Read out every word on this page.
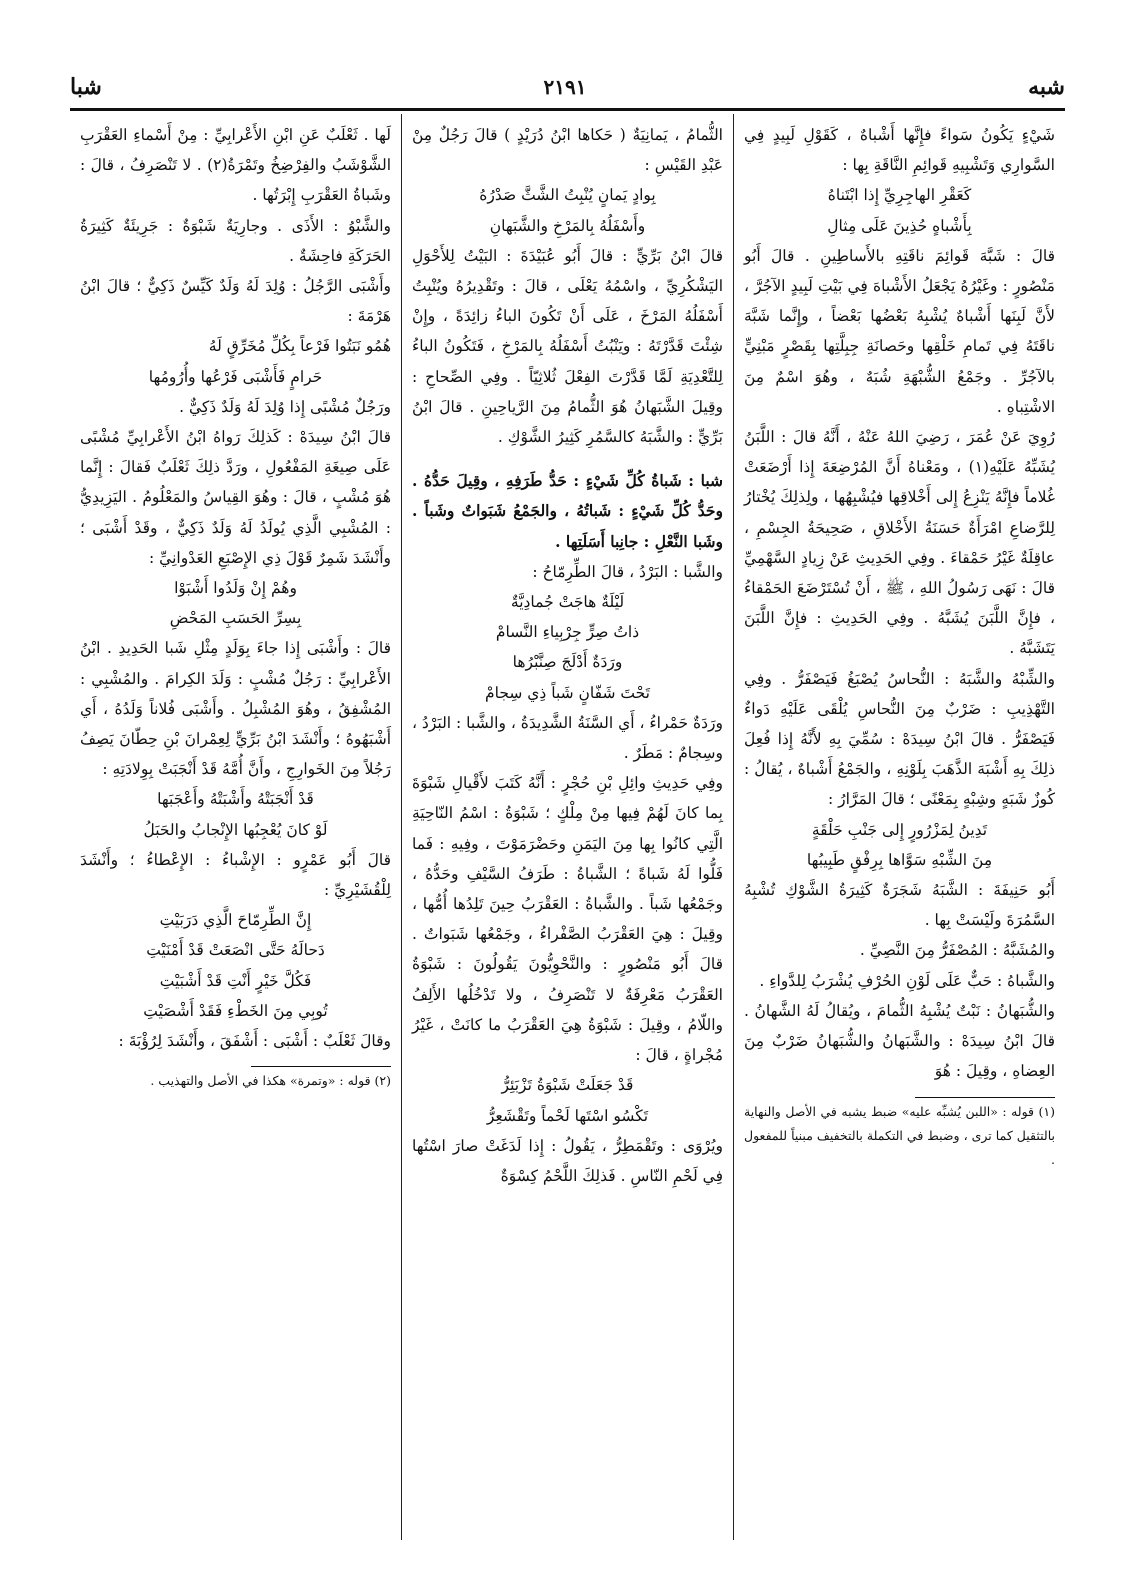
شبه
٢١٩١
شبا

شَيْءٍ يَكُونُ سَواءً فإِنَّها أَشْباهٌ ، كَقَوْلِ لَبِيدٍ فِي السَّوارِي وَتَشْبِيهِ قَوائِمِ النَّاقَةِ بِها :

كَعَقْرِ الهاجِرِيِّ إِذا ابْتَناهُ

بِأَشْباهٍ حُذِينَ عَلَى مِثالِ

قالَ : شَبَّهَ قَوائِمَ ناقَتِهِ بالأَساطِينِ . قالَ أَبُو مَنْصُورٍ : وغَيْرُهُ يَجْعَلُ الأَشْباهَ فِي بَيْتِ لَبِيدٍ الآجُرَّ ، لأَنَّ لَبِنَها أَشْباهٌ يُشْبِهُ بَعْضُها بَعْضاً ، وإِنَّما شَبَّهَ ناقَتَهُ فِي تَمامِ خَلْقِها وحَصانَةِ جِبِلَّتِها بِقَصْرٍ مَبْنِيٍّ بالآجُرِّ . وجَمْعُ الشُّبْهَةِ شُبَهٌ ، وهُوَ اسْمٌ مِنَ الاشْتِباهِ .

رُوِيَ عَنْ عُمَرَ ، رَضِيَ اللهُ عَنْهُ ، أَنَّهُ قالَ : اللَّبَنُ يُشَبِّهُ عَلَيْهِ(١) ، ومَعْناهُ أَنَّ المُرْضِعَةَ إِذا أَرْضَعَتْ غُلاماً فإِنَّهُ يَنْزِعُ إِلى أَخْلاقِها فيُشْبِهُها ، ولِذلِكَ يُخْتارُ لِلرَّضاعِ امْرَأَةٌ حَسَنَةُ الأَخْلاقِ ، صَحِيحَةُ الجِسْمِ ، عاقِلَةٌ غَيْرُ حَمْقاءَ . وفِي الحَدِيثِ عَنْ زِيادٍ السَّهْمِيِّ قالَ : نَهَى رَسُولُ اللهِ ، ﷺ ، أَنْ تُسْتَرْضَعَ الحَمْقاءُ ، فإِنَّ اللَّبَنَ يُشَبَّهُ . وفِي الحَدِيثِ : فإِنَّ اللَّبَنَ يَتَشَبَّهُ .

والشِّبْهُ والشَّبَهُ : النُّحاسُ يُصْبَغُ فَيَصْفَرُّ . وفِي التَّهْذِيبِ : ضَرْبٌ مِنَ النُّحاسِ يُلْقَى عَلَيْهِ دَواءٌ فَيَصْفَرُّ . قالَ ابْنُ سِيدَهْ : سُمِّيَ بِهِ لأَنَّهُ إِذا فُعِلَ ذلِكَ بِهِ أَشْبَهَ الذَّهَبَ بِلَوْنِهِ ، والجَمْعُ أَشْباهٌ ، يُقالُ : كُوزٌ شَبَهٍ وشِبْهٍ بِمَعْنًى ؛ قالَ المَرَّارُ :

تَدِينُ لِمَزْرُورٍ إِلى جَنْبِ حَلْقَةٍ

مِنَ الشِّبْهِ سَوَّاها بِرِفْقٍ طَبِيبُها

أَبُو حَنِيفَةَ : الشَّبَهُ شَجَرَةٌ كَثِيرَةُ الشَّوْكِ تُشْبِهُ السَّمُرَةَ ولَيْسَتْ بِها .

والمُشَبَّهُ : المُصْفَرُّ مِنَ النَّصِيِّ .

والشَّباهُ : حَبٌّ عَلَى لَوْنِ الحُرْفِ يُشْرَبُ لِلدَّواءِ .

والشُّبَهانُ : نَبْتٌ يُشْبِهُ الثُّمامَ ، ويُقالُ لَهُ الشَّهانُ . قالَ ابْنُ سِيدَهْ : والشَّبَهانُ والشُّبَهانُ ضَرْبٌ مِنَ العِضاهِ ، وقِيلَ : هُوَ

(١) قوله : «اللبن يُشبِّه عليه» ضبط يشبه في الأصل والنهاية بالتثقيل كما ترى ، وضبط في التكملة بالتخفيف مبنياً للمفعول .

الثُّمامُ ، يَمانِيَةٌ ( حَكاها ابْنُ دُرَيْدٍ ) قالَ رَجُلٌ مِنْ عَبْدِ القَيْسِ :

بِوادٍ يَمانٍ يُنْبِتُ الشَّثَّ صَدْرُهُ

وأَسْفَلُهُ بِالمَرْخِ والشَّبَهانِ

قالَ ابْنُ بَرِّيٍّ : قالَ أَبُو عُبَيْدَةَ : البَيْتُ لِلأَحْوَلِ اليَشْكُرِيِّ ، واسْمُهُ يَعْلَى ، قالَ : وتَقْدِيرُهُ ويُنْبِتُ أَسْفَلُهُ المَرْخَ ، عَلَى أَنْ تَكُونَ الباءُ زائِدَةً ، وإِنْ شِئْتَ قَدَّرْتَهُ : ويَنْبُتُ أَسْفَلُهُ بِالمَرْخِ ، فَتَكُونُ الباءُ لِلتَّعْدِيَةِ لَمَّا قَدَّرْتَ الفِعْلَ ثُلاثِيّاً . وفِي الصِّحاحِ : وقِيلَ الشَّبَهانُ هُوَ الثُّمامُ مِنَ الرَّياحِينِ . قالَ ابْنُ بَرِّيٍّ : والشَّبَهُ كالسَّمُرِ كَثِيرُ الشَّوْكِ .

شبا : شَباةُ كُلِّ شَيْءٍ : حَدُّ طَرَفِهِ ، وقِيلَ حَدُّهُ . وحَدُّ كُلِّ شَيْءٍ : شَباتُهُ ، والجَمْعُ شَبَواتٌ وشَباً . وشَبا النَّعْلِ : جانِبا أَسَلَتِها .

والشَّبا : البَرْدُ ، قالَ الطِّرِمّاحُ :

لَيْلَةٌ هاجَتْ جُمادِيَّةٌ

ذاتُ صِرٍّ جِرْبِياءِ النَّسامْ

ورَدَةٌ أَدْلَجَ صِنَّبْرُها

تَحْتَ شَفّانٍ شَباً ذِي سِجامْ

ورَدَةٌ حَمْراءُ ، أَي السَّنَةُ الشَّدِيدَةُ ، والشَّبا : البَرْدُ ، وسِجامٌ : مَطَرٌ .

وفِي حَدِيثِ وائِلِ بْنِ حُجْرٍ : أَنَّهُ كَتَبَ لأَقْيالِ شَبْوَةَ بِما كانَ لَهُمْ فِيها مِنْ مِلْكٍ ؛ شَبْوَةُ : اسْمُ النّاحِيَةِ الَّتِي كانُوا بِها مِنَ اليَمَنِ وحَضْرَمَوْتَ ، وفِيهِ : فَما فَلُّوا لَهُ شَباةً ؛ الشَّباةُ : طَرَفُ السَّيْفِ وحَدُّهُ ، وجَمْعُها شَباً . والشَّباةُ : العَقْرَبُ حِينَ تَلِدُها أُمُّها ، وقِيلَ : هِيَ العَقْرَبُ الصَّفْراءُ ، وجَمْعُها شَبَواتٌ . قالَ أَبُو مَنْصُورٍ : والنَّحْوِيُّونَ يَقُولُونَ : شَبْوَةُ العَقْرَبُ مَعْرِفَةٌ لا تَنْصَرِفُ ، ولا تَدْخُلُها الأَلِفُ واللّامُ ، وقِيلَ : شَبْوَةُ هِيَ العَقْرَبُ ما كانَتْ ، غَيْرُ مُجْراةٍ ، قالَ :

قَدْ جَعَلَتْ شَبْوَةُ تَزْبَئِرُّ

تَكْسُو اسْتَها لَحْماً وتَقْشَعِرُّ

ويُرْوَى : وتَقْمَطِرُّ ، يَقُولُ : إِذا لَدَغَتْ صارَ اسْتُها فِي لَحْمِ النّاسِ . فَذلِكَ اللَّحْمُ كِسْوَةٌ

لَها . ثَعْلَبٌ عَنِ ابْنِ الأَعْرابِيِّ : مِنْ أَسْماءِ العَقْرَبِ الشَّوْشَبُ والفِرْضِخُ وتَمْرَةُ(٢) . لا تَنْصَرِفُ ، قالَ : وشَباةُ العَقْرَبِ إِبْرَتُها .

والشَّبْوُ : الأَذَى . وجارِيَةٌ شَبْوَةٌ : جَرِيئَةٌ كَثِيرَةُ الحَرَكَةِ فاحِشَةٌ .

وأَشْبَى الرَّجُلُ : وُلِدَ لَهُ وَلَدٌ كَيِّسٌ ذَكِيٌّ ؛ قالَ ابْنُ هَرْمَةَ :

هُمُو نَبَتُوا فَرْعاً بِكُلِّ مُخَرِّقٍ لَهُ

حَرامٍ فَأَشْبَى فَرْعُها وأُرُومُها

ورَجُلٌ مُشْبًى إِذا وُلِدَ لَهُ وَلَدٌ ذَكِيٌّ .

قالَ ابْنُ سِيدَهْ : كَذلِكَ رَواهُ ابْنُ الأَعْرابِيِّ مُشْبًى عَلَى صِيغَةِ المَفْعُولِ ، ورَدَّ ذلِكَ ثَعْلَبٌ فَقالَ : إِنَّما هُوَ مُشْبٍ ، قالَ : وهُوَ القِياسُ والمَعْلُومُ . اليَزِيدِيُّ : المُشْبِي الَّذِي يُولَدُ لَهُ وَلَدٌ ذَكِيٌّ ، وقَدْ أَشْبَى ؛ وأَنْشَدَ شَمِرٌ قَوْلَ ذِي الإِصْبَعِ العَدْوانِيِّ :

وهُمْ إِنْ وَلَدُوا أَشْبَوْا

بِسِرِّ الحَسَبِ المَحْضِ

قالَ : وأَشْبَى إِذا جاءَ بِوَلَدٍ مِثْلِ شَبا الحَدِيدِ . ابْنُ الأَعْرابِيِّ : رَجُلٌ مُشْبٍ : وَلَدَ الكِرامَ . والمُشْبِي : المُشْفِقُ ، وهُوَ المُشْبِلُ . وأَشْبَى فُلاناً وَلَدُهُ ، أَي أَشْبَهُوهُ ؛ وأَنْشَدَ ابْنُ بَرِّيٍّ لِعِمْرانَ بْنِ حِطّانَ يَصِفُ رَجُلاً مِنَ الخَوارِجِ ، وأَنَّ أُمَّهُ قَدْ أَنْجَبَتْ بِوِلادَتِهِ :

قَدْ أَنْجَبَتْهُ وأَشْبَتْهُ وأَعْجَبَها

لَوْ كانَ يُعْجِبُها الإِنْجابُ والحَبَلُ

قالَ أَبُو عَمْرٍو : الإِشْباءُ : الإِعْطاءُ ؛ وأَنْشَدَ لِلْقُشَيْرِيِّ :

إِنَّ الطِّرِمّاحَ الَّذِي دَرَبَيْتِ

دَحالَهُ حَتَّى انْصَعَتْ قَدْ أَمْنَيْتِ

فَكُلَّ خَيْرٍ أَنْتِ قَدْ أَشْبَيْتِ

تُوبِي مِنَ الخَطْءِ فَقَدْ أَشْصَيْتِ

وقالَ ثَعْلَبٌ : أَشْبَى : أَشْفَقَ ، وأَنْشَدَ لِرُؤْبَةَ :

(٢) قوله : «وتمرة» هكذا في الأصل والتهذيب .
